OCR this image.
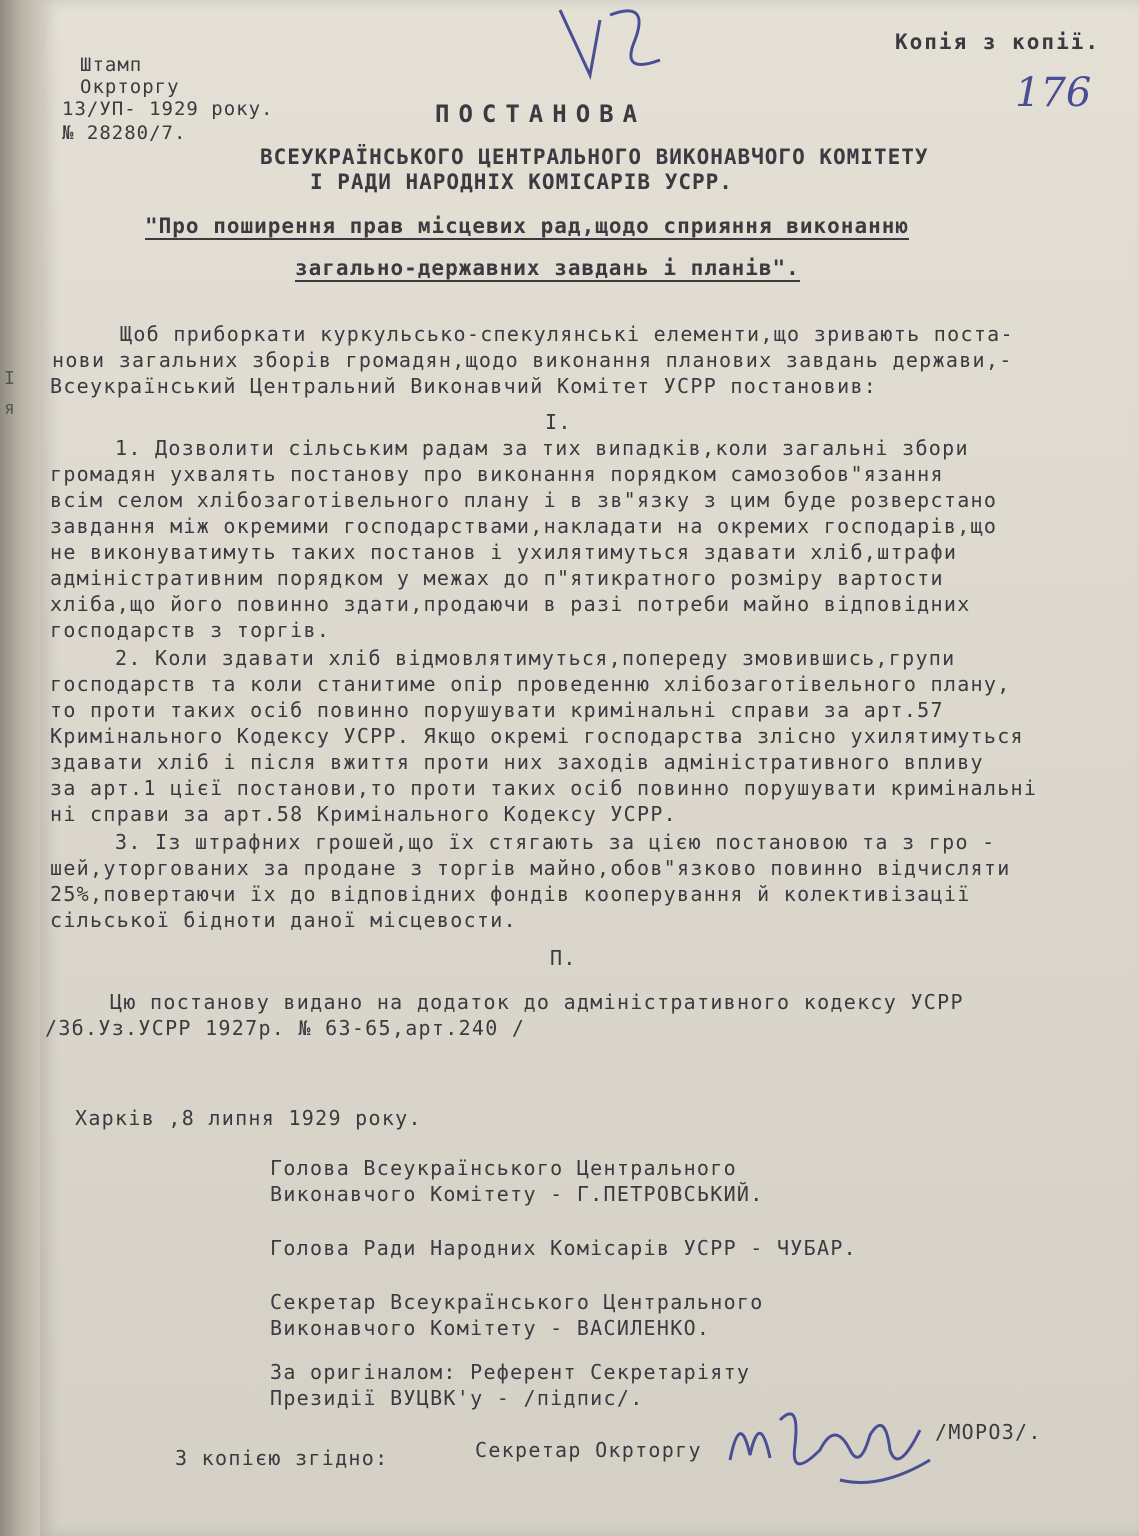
І
я
Штамп
Окрторгу
13/УП- 1929 року.
№ 28280/7.
Копія з копії.
176
ПОСТАНОВА
ВСЕУКРАЇНСЬКОГО ЦЕНТРАЛЬНОГО ВИКОНАВЧОГО КОМІТЕТУ
І РАДИ НАРОДНІХ КОМІСАРІВ УСРР.
"Про поширення прав місцевих рад,щодо сприяння виконанню
загально-державних завдань і планів".
Щоб приборкати куркульсько-спекулянські елементи,що зривають поста-
нови загальних зборів громадян,щодо виконання планових завдань держави,-
Всеукраїнський Центральний Виконавчий Комітет УСРР постановив:
І.
1. Дозволити сільським радам за тих випадків,коли загальні збори
громадян ухвалять постанову про виконання порядком самозобов"язання
всім селом хлібозаготівельного плану і в зв"язку з цим буде розверстано
завдання між окремими господарствами,накладати на окремих господарів,що
не виконуватимуть таких постанов і ухилятимуться здавати хліб,штрафи
адміністративним порядком у межах до п"ятикратного розміру вартости
хліба,що його повинно здати,продаючи в разі потреби майно відповідних
господарств з торгів.
2. Коли здавати хліб відмовлятимуться,попереду змовившись,групи
господарств та коли станитиме опір проведенню хлібозаготівельного плану,
то проти таких осіб повинно порушувати кримінальні справи за арт.57
Кримінального Кодексу УСРР. Якщо окремі господарства злісно ухилятимуться
здавати хліб і після вжиття проти них заходів адміністративного впливу
за арт.1 цієї постанови,то проти таких осіб повинно порушувати кримінальні
ні справи за арт.58 Кримінального Кодексу УСРР.
3. Із штрафних грошей,що їх стягають за цією постановою та з гро -
шей,уторгованих за продане з торгів майно,обов"язково повинно відчисляти
25%,повертаючи їх до відповідних фондів кооперування й колективізації
сільської бідноти даної місцевости.
П.
Цю постанову видано на додаток до адміністративного кодексу УСРР
/Зб.Уз.УСРР 1927р. № 63-65,арт.240 /
Харків ,8 липня 1929 року.
Голова Всеукраїнського Центрального
Виконавчого Комітету - Г.ПЕТРОВСЬКИЙ.
Голова Ради Народних Комісарів УСРР - ЧУБАР.
Секретар Всеукраїнського Центрального
Виконавчого Комітету - ВАСИЛЕНКО.
За оригіналом: Референт Секретаріяту
Президії ВУЦВК'у - /підпис/.
З копією згідно:	Секретар Окрторгу
/МОРОЗ/.
